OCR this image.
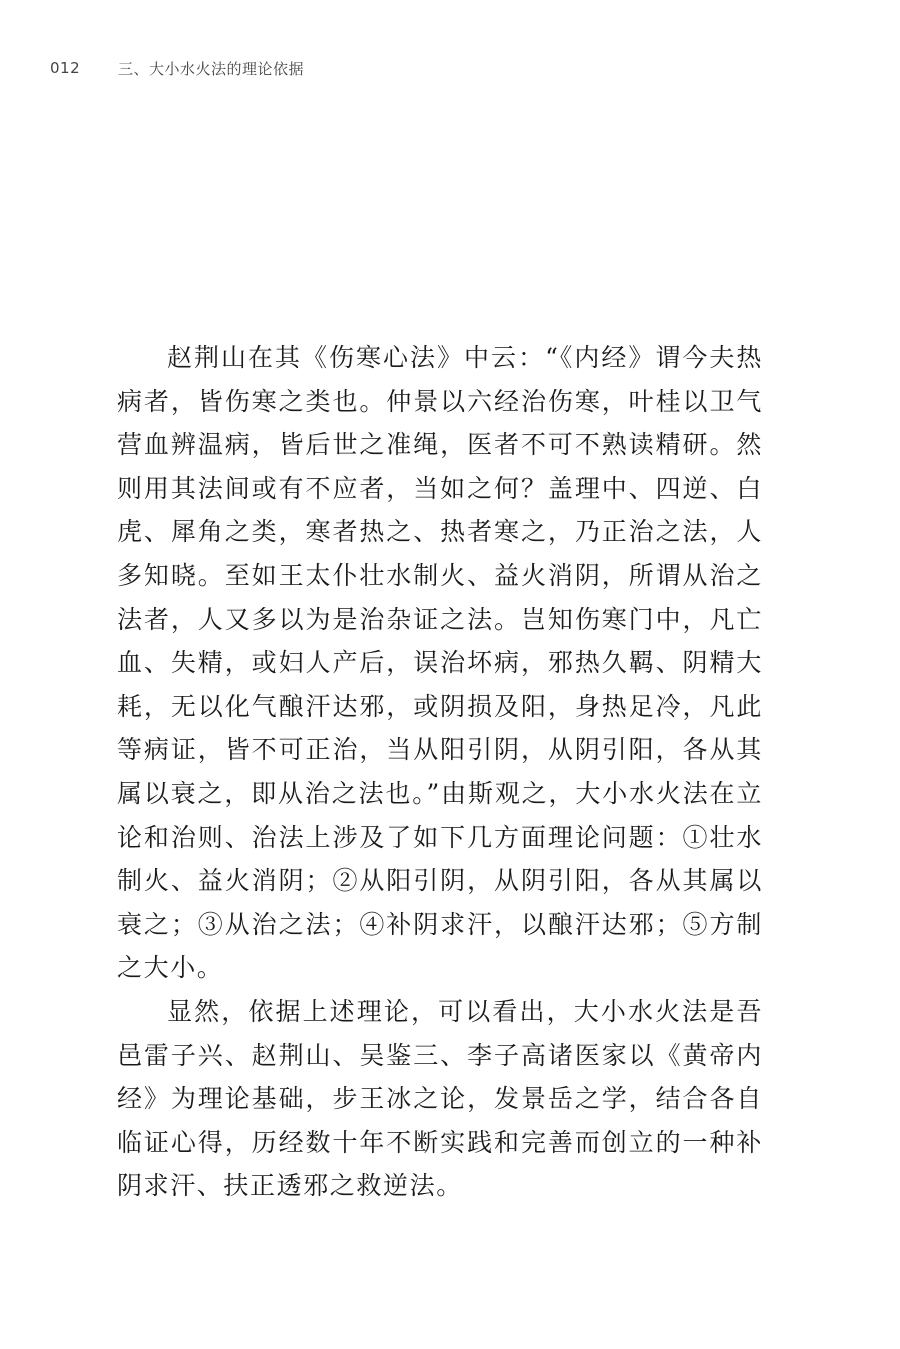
012	三、大小水火法的理论依据

赵荆山在其《伤寒心法》中云：“《内经》谓今夫热病者，皆伤寒之类也。仲景以六经治伤寒，叶桂以卫气营血辨温病，皆后世之准绳，医者不可不熟读精研。然则用其法间或有不应者，当如之何？盖理中、四逆、白虎、犀角之类，寒者热之、热者寒之，乃正治之法，人多知晓。至如王太仆壮水制火、益火消阴，所谓从治之法者，人又多以为是治杂证之法。岂知伤寒门中，凡亡血、失精，或妇人产后，误治坏病，邪热久羁、阴精大耗，无以化气酿汗达邪，或阴损及阳，身热足冷，凡此等病证，皆不可正治，当从阳引阴，从阴引阳，各从其属以衰之，即从治之法也。”由斯观之，大小水火法在立论和治则、治法上涉及了如下几方面理论问题：①壮水制火、益火消阴；②从阳引阴，从阴引阳，各从其属以衰之；③从治之法；④补阴求汗，以酿汗达邪；⑤方制之大小。

显然，依据上述理论，可以看出，大小水火法是吾邑雷子兴、赵荆山、吴鉴三、李子高诸医家以《黄帝内经》为理论基础，步王冰之论，发景岳之学，结合各自临证心得，历经数十年不断实践和完善而创立的一种补阴求汗、扶正透邪之救逆法。
